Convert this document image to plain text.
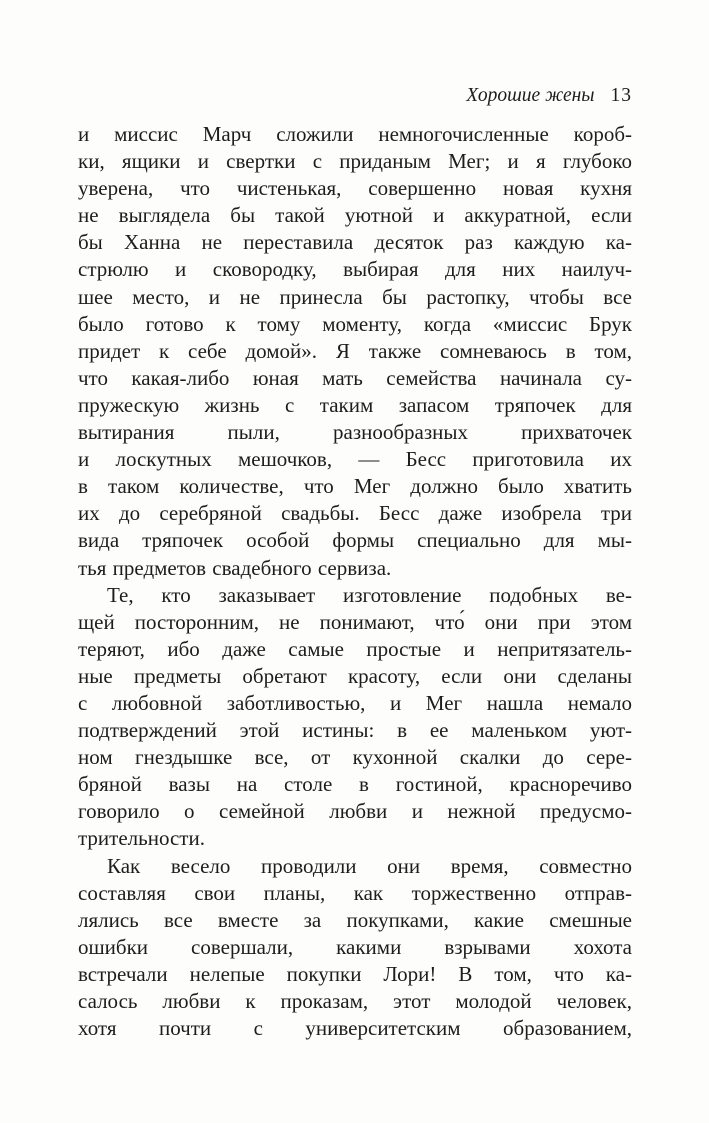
Хорошие жены 13
и миссис Марч сложили немногочисленные короб-
ки, ящики и свертки с приданым Мег; и я глубоко
уверена, что чистенькая, совершенно новая кухня
не выглядела бы такой уютной и аккуратной, если
бы Ханна не переставила десяток раз каждую ка-
стрюлю и сковородку, выбирая для них наилуч-
шее место, и не принесла бы растопку, чтобы все
было готово к тому моменту, когда «миссис Брук
придет к себе домой». Я также сомневаюсь в том,
что какая-либо юная мать семейства начинала су-
пружескую жизнь с таким запасом тряпочек для
вытирания пыли, разнообразных прихваточек
и лоскутных мешочков, — Бесс приготовила их
в таком количестве, что Мег должно было хватить
их до серебряной свадьбы. Бесс даже изобрела три
вида тряпочек особой формы специально для мы-
тья предметов свадебного сервиза.
Те, кто заказывает изготовление подобных ве-
щей посторонним, не понимают, что́ они при этом
теряют, ибо даже самые простые и непритязатель-
ные предметы обретают красоту, если они сделаны
с любовной заботливостью, и Мег нашла немало
подтверждений этой истины: в ее маленьком уют-
ном гнездышке все, от кухонной скалки до сере-
бряной вазы на столе в гостиной, красноречиво
говорило о семейной любви и нежной предусмо-
трительности.
Как весело проводили они время, совместно
составляя свои планы, как торжественно отправ-
лялись все вместе за покупками, какие смешные
ошибки совершали, какими взрывами хохота
встречали нелепые покупки Лори! В том, что ка-
салось любви к проказам, этот молодой человек,
хотя почти с университетским образованием,
